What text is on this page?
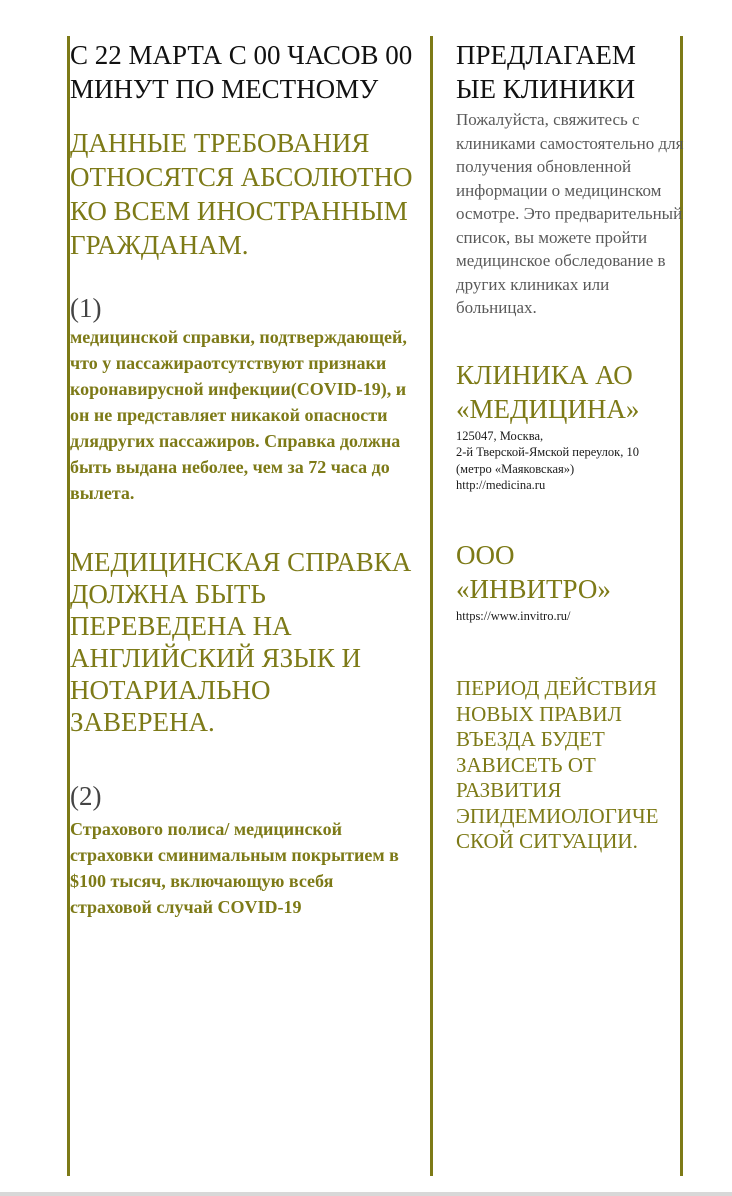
С 22 МАРТА С 00 ЧАСОВ 00 МИНУТ ПО МЕСТНОМУ

ДАННЫЕ ТРЕБОВАНИЯ ОТНОСЯТСЯ АБСОЛЮТНО КО ВСЕМ ИНОСТРАННЫМ ГРАЖДАНАМ.

(1)

медицинской справки, подтверждающей, что у пассажираотсутствуют признаки коронавирусной инфекции(COVID-19), и он не представляет никакой опасности длядругих пассажиров. Справка должна быть выдана неболее, чем за 72 часа до вылета.

МЕДИЦИНСКАЯ СПРАВКА ДОЛЖНА БЫТЬ ПЕРЕВЕДЕНА НА АНГЛИЙСКИЙ ЯЗЫК И НОТАРИАЛЬНО ЗАВЕРЕНА.

(2)

Страхового полиса/ медицинской страховки сминимальным покрытием в $100 тысяч, включающую всебя страховой случай COVID-19

ПРЕДЛАГАЕМ
ЫЕ КЛИНИКИ

Пожалуйста, свяжитесь с клиниками самостоятельно для получения обновленной информации о медицинском осмотре. Это предварительный список, вы можете пройти медицинское обследование в других клиниках или больницах.

КЛИНИКА АО
«МЕДИЦИНА»

125047, Москва,

2-й Тверской-Ямской переулок, 10

(метро «Маяковская»)

http://medicina.ru

ООО
«ИНВИТРО»

https://www.invitro.ru/

ПЕРИОД ДЕЙСТВИЯ
НОВЫХ ПРАВИЛ
ВЪЕЗДА БУДЕТ
ЗАВИСЕТЬ ОТ
РАЗВИТИЯ
ЭПИДЕМИОЛОГИЧЕ
СКОЙ СИТУАЦИИ.
